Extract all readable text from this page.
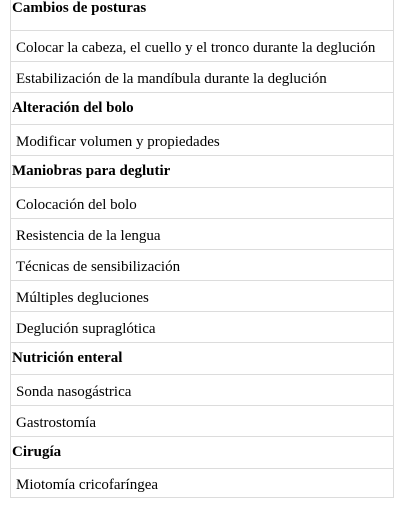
Cambios de posturas
Colocar la cabeza, el cuello y el tronco durante la deglución
Estabilización de la mandíbula durante la deglución
Alteración del bolo
Modificar volumen y propiedades
Maniobras para deglutir
Colocación del bolo
Resistencia de la lengua
Técnicas de sensibilización
Múltiples degluciones
Deglución supraglótica
Nutrición enteral
Sonda nasogástrica
Gastrostomía
Cirugía
Miotomía cricofaríngea
